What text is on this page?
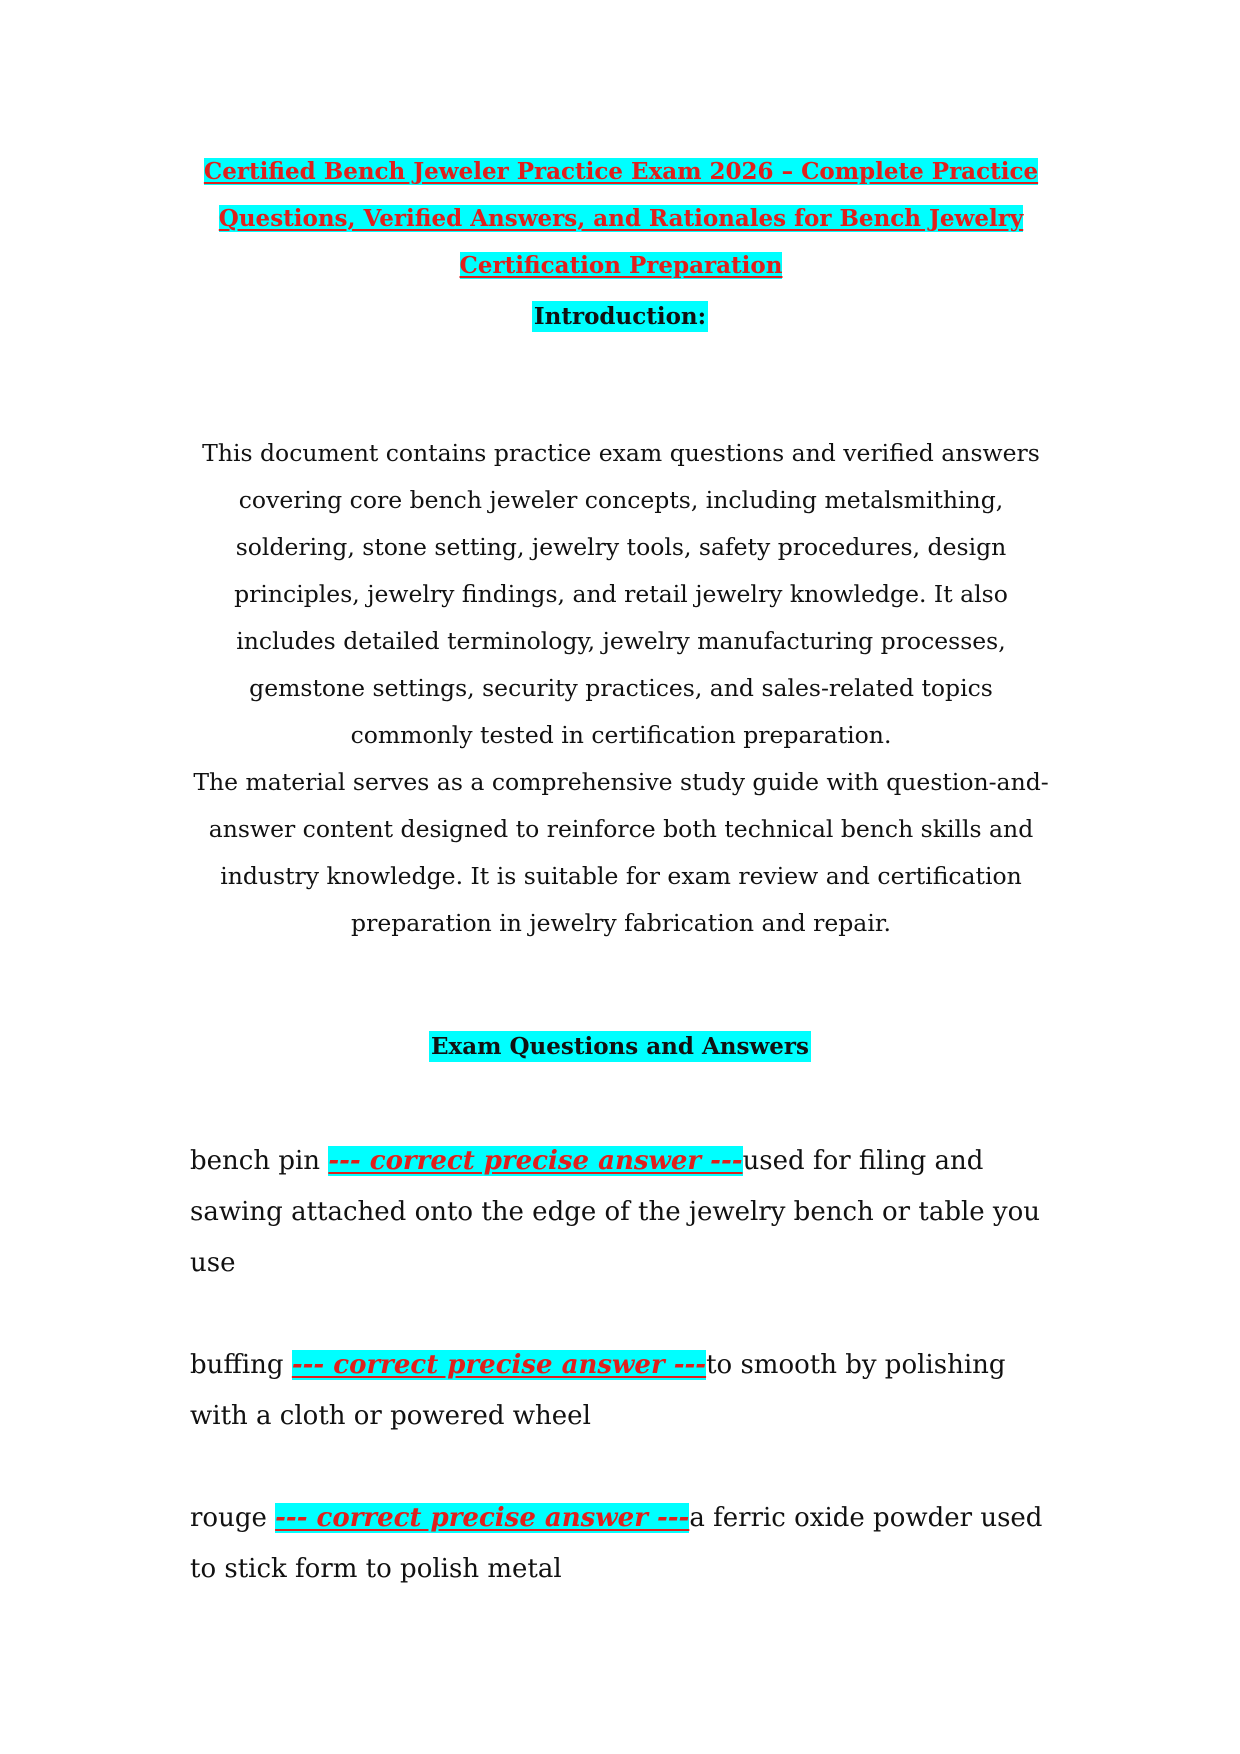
Certified Bench Jeweler Practice Exam 2026 – Complete Practice
Questions, Verified Answers, and Rationales for Bench Jewelry
Certification Preparation
Introduction:

This document contains practice exam questions and verified answers covering core bench jeweler concepts, including metalsmithing, soldering, stone setting, jewelry tools, safety procedures, design principles, jewelry findings, and retail jewelry knowledge. It also includes detailed terminology, jewelry manufacturing processes, gemstone settings, security practices, and sales-related topics commonly tested in certification preparation.

The material serves as a comprehensive study guide with question-and-answer content designed to reinforce both technical bench skills and industry knowledge. It is suitable for exam review and certification preparation in jewelry fabrication and repair.

Exam Questions and Answers

bench pin --- correct precise answer ---used for filing and sawing attached onto the edge of the jewelry bench or table you use

buffing --- correct precise answer ---to smooth by polishing with a cloth or powered wheel

rouge --- correct precise answer ---a ferric oxide powder used to stick form to polish metal
